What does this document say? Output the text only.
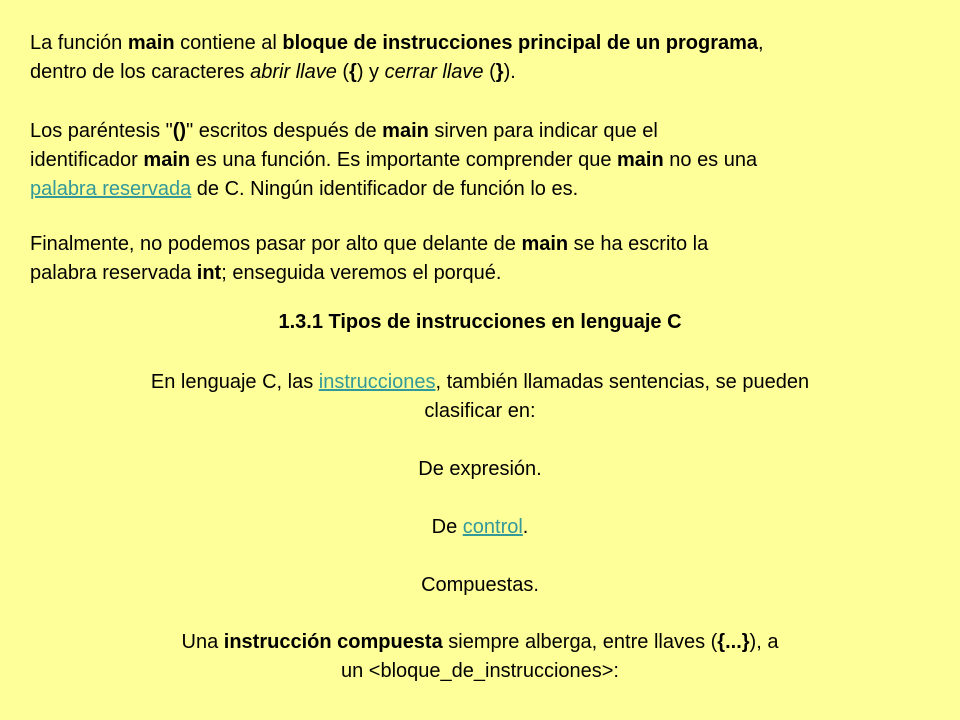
La función main contiene al bloque de instrucciones principal de un programa,
dentro de los caracteres abrir llave ({) y cerrar llave (}).

Los paréntesis "()" escritos después de main sirven para indicar que el
identificador main es una función. Es importante comprender que main no es una
palabra reservada de C. Ningún identificador de función lo es.

Finalmente, no podemos pasar por alto que delante de main se ha escrito la
palabra reservada int; enseguida veremos el porqué.

1.3.1 Tipos de instrucciones en lenguaje C

En lenguaje C, las instrucciones, también llamadas sentencias, se pueden
clasificar en:

De expresión.

De control.

Compuestas.

Una instrucción compuesta siempre alberga, entre llaves ({...}), a
un <bloque_de_instrucciones>:
